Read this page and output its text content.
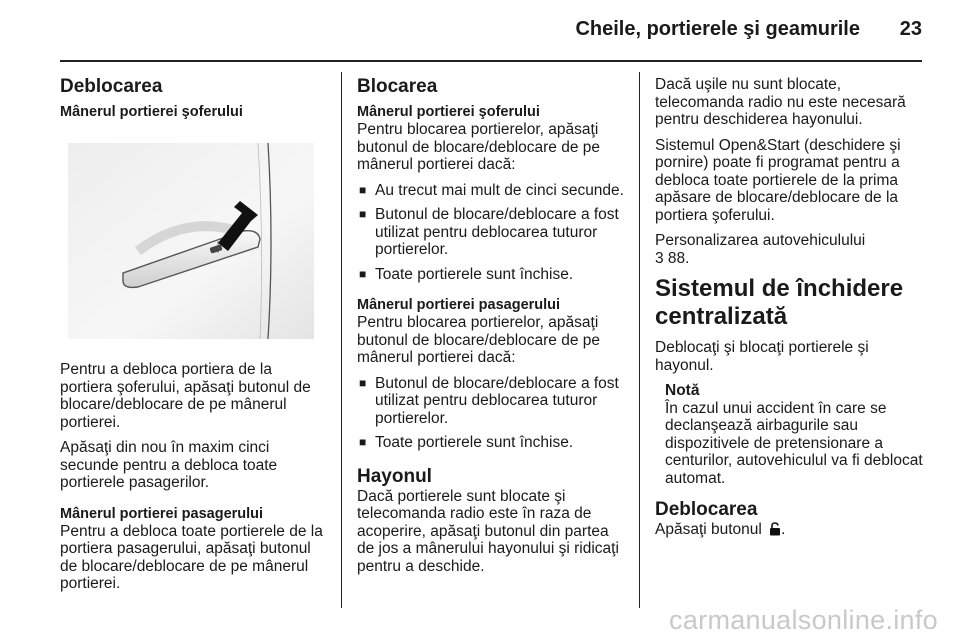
Cheile, portierele şi geamurile 23
Deblocarea
Mânerul portierei şoferului

Pentru a debloca portiera de la portiera şoferului, apăsaţi butonul de blocare/deblocare de pe mânerul portierei.

Apăsaţi din nou în maxim cinci secunde pentru a debloca toate portierele pasagerilor.

Mânerul portierei pasagerului

Pentru a debloca toate portierele de la portiera pasagerului, apăsaţi butonul de blocare/deblocare de pe mânerul portierei.

Blocarea
Mânerul portierei şoferului

Pentru blocarea portierelor, apăsaţi butonul de blocare/deblocare de pe mânerul portierei dacă:

■ Au trecut mai mult de cinci secunde.
■ Butonul de blocare/deblocare a fost utilizat pentru deblocarea tuturor portierelor.
■ Toate portierele sunt închise.
Mânerul portierei pasagerului

Pentru blocarea portierelor, apăsaţi butonul de blocare/deblocare de pe mânerul portierei dacă:

■ Butonul de blocare/deblocare a fost utilizat pentru deblocarea tuturor portierelor.
■ Toate portierele sunt închise.
Hayonul

Dacă portierele sunt blocate şi telecomanda radio este în raza de acoperire, apăsaţi butonul din partea de jos a mânerului hayonului şi ridicaţi pentru a deschide.

Dacă uşile nu sunt blocate, telecomanda radio nu este necesară pentru deschiderea hayonului.

Sistemul Open&Start (deschidere şi pornire) poate fi programat pentru a debloca toate portierele de la prima apăsare de blocare/deblocare de la portiera şoferului.

Personalizarea autovehiculului
3 88.

Sistemul de închidere centralizată

Deblocaţi şi blocaţi portierele şi hayonul.

Notă
În cazul unui accident în care se declanşează airbagurile sau dispozitivele de pretensionare a centurilor, autovehiculul va fi deblocat automat.
Deblocarea

Apăsaţi butonul .

carmanualsonline.info
